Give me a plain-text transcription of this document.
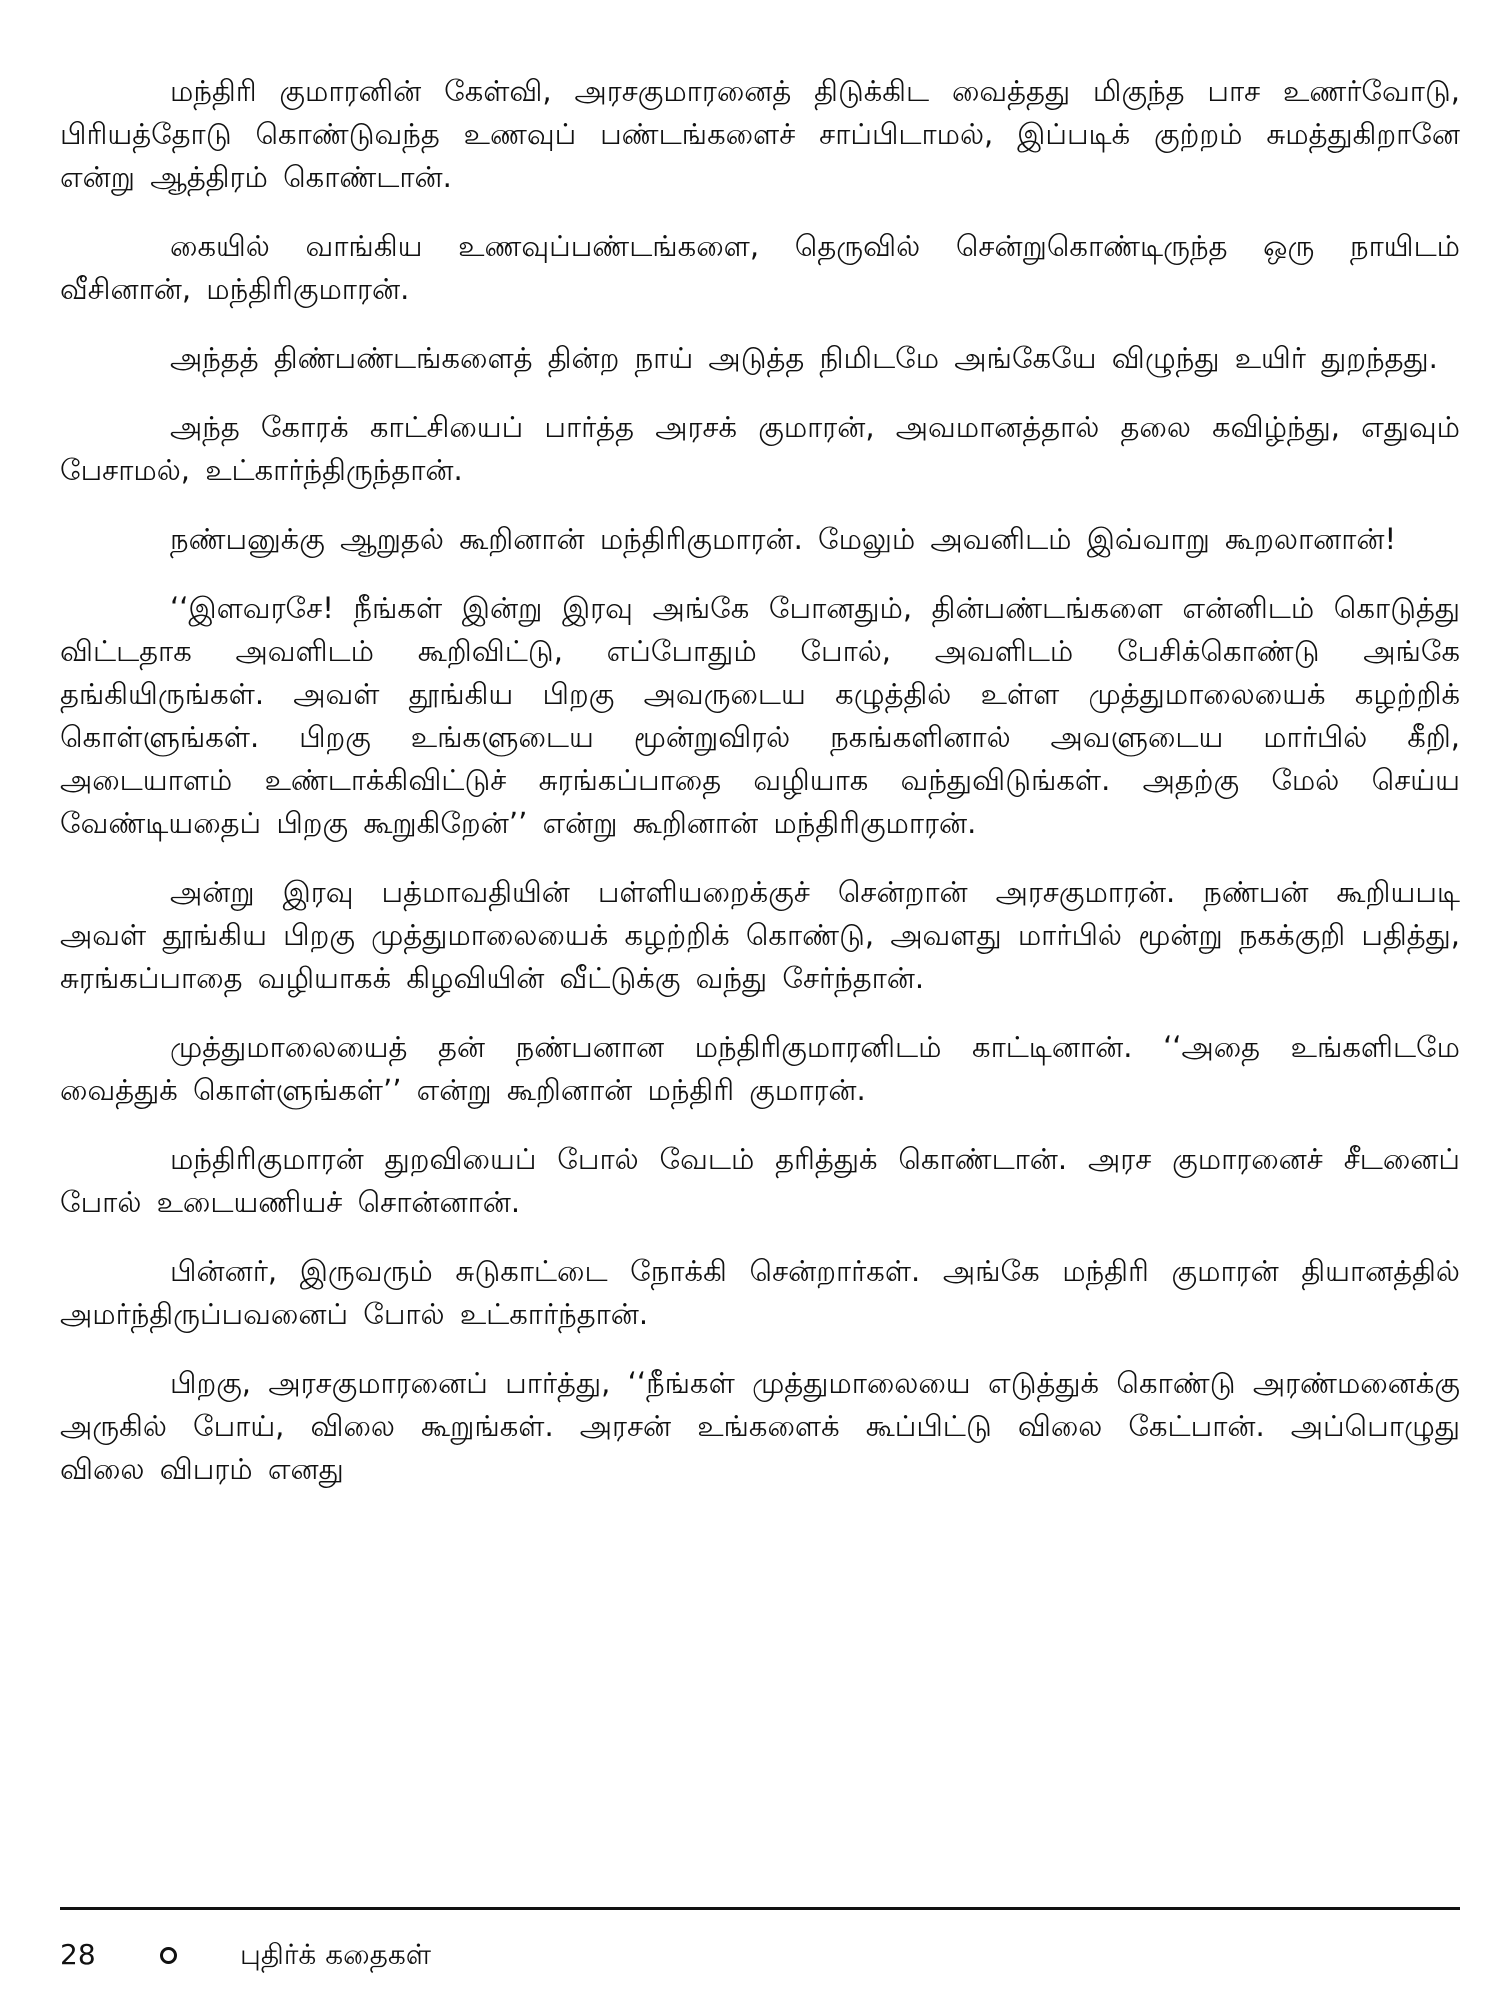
மந்திரி குமாரனின் கேள்வி, அரசகுமாரனைத் திடுக்கிட வைத்தது மிகுந்த பாச உணர்வோடு, பிரியத்தோடு கொண்டுவந்த உணவுப் பண்டங்களைச் சாப்பிடாமல், இப்படிக் குற்றம் சுமத்துகிறானே என்று ஆத்திரம் கொண்டான்.

கையில் வாங்கிய உணவுப்பண்டங்களை, தெருவில் சென்றுகொண்டிருந்த ஒரு நாயிடம் வீசினான், மந்திரிகுமாரன்.

அந்தத் திண்பண்டங்களைத் தின்ற நாய் அடுத்த நிமிடமே அங்கேயே விழுந்து உயிர் துறந்தது.

அந்த கோரக் காட்சியைப் பார்த்த அரசக் குமாரன், அவமானத்தால் தலை கவிழ்ந்து, எதுவும் பேசாமல், உட்கார்ந்திருந்தான்.

நண்பனுக்கு ஆறுதல் கூறினான் மந்திரிகுமாரன். மேலும் அவனிடம் இவ்வாறு கூறலானான்!

‘‘இளவரசே! நீங்கள் இன்று இரவு அங்கே போனதும், தின்பண்டங்களை என்னிடம் கொடுத்து விட்டதாக அவளிடம் கூறிவிட்டு, எப்போதும் போல், அவளிடம் பேசிக்கொண்டு அங்கே தங்கியிருங்கள். அவள் தூங்கிய பிறகு அவருடைய கழுத்தில் உள்ள முத்துமாலையைக் கழற்றிக் கொள்ளுங்கள். பிறகு உங்களுடைய மூன்றுவிரல் நகங்களினால் அவளுடைய மார்பில் கீறி, அடையாளம் உண்டாக்கிவிட்டுச் சுரங்கப்பாதை வழியாக வந்துவிடுங்கள். அதற்கு மேல் செய்ய வேண்டியதைப் பிறகு கூறுகிறேன்’’ என்று கூறினான் மந்திரிகுமாரன்.

அன்று இரவு பத்மாவதியின் பள்ளியறைக்குச் சென்றான் அரசகுமாரன். நண்பன் கூறியபடி அவள் தூங்கிய பிறகு முத்துமாலையைக் கழற்றிக் கொண்டு, அவளது மார்பில் மூன்று நகக்குறி பதித்து, சுரங்கப்பாதை வழியாகக் கிழவியின் வீட்டுக்கு வந்து சேர்ந்தான்.

முத்துமாலையைத் தன் நண்பனான மந்திரிகுமாரனிடம் காட்டினான். ‘‘அதை உங்களிடமே வைத்துக் கொள்ளுங்கள்’’ என்று கூறினான் மந்திரி குமாரன்.

மந்திரிகுமாரன் துறவியைப் போல் வேடம் தரித்துக் கொண்டான். அரச குமாரனைச் சீடனைப் போல் உடையணியச் சொன்னான்.

பின்னர், இருவரும் சுடுகாட்டை நோக்கி சென்றார்கள். அங்கே மந்திரி குமாரன் தியானத்தில் அமர்ந்திருப்பவனைப் போல் உட்கார்ந்தான்.

பிறகு, அரசகுமாரனைப் பார்த்து, ‘‘நீங்கள் முத்துமாலையை எடுத்துக் கொண்டு அரண்மனைக்கு அருகில் போய், விலை கூறுங்கள். அரசன் உங்களைக் கூப்பிட்டு விலை கேட்பான். அப்பொழுது விலை விபரம் எனது

28	புதிர்க் கதைகள்
